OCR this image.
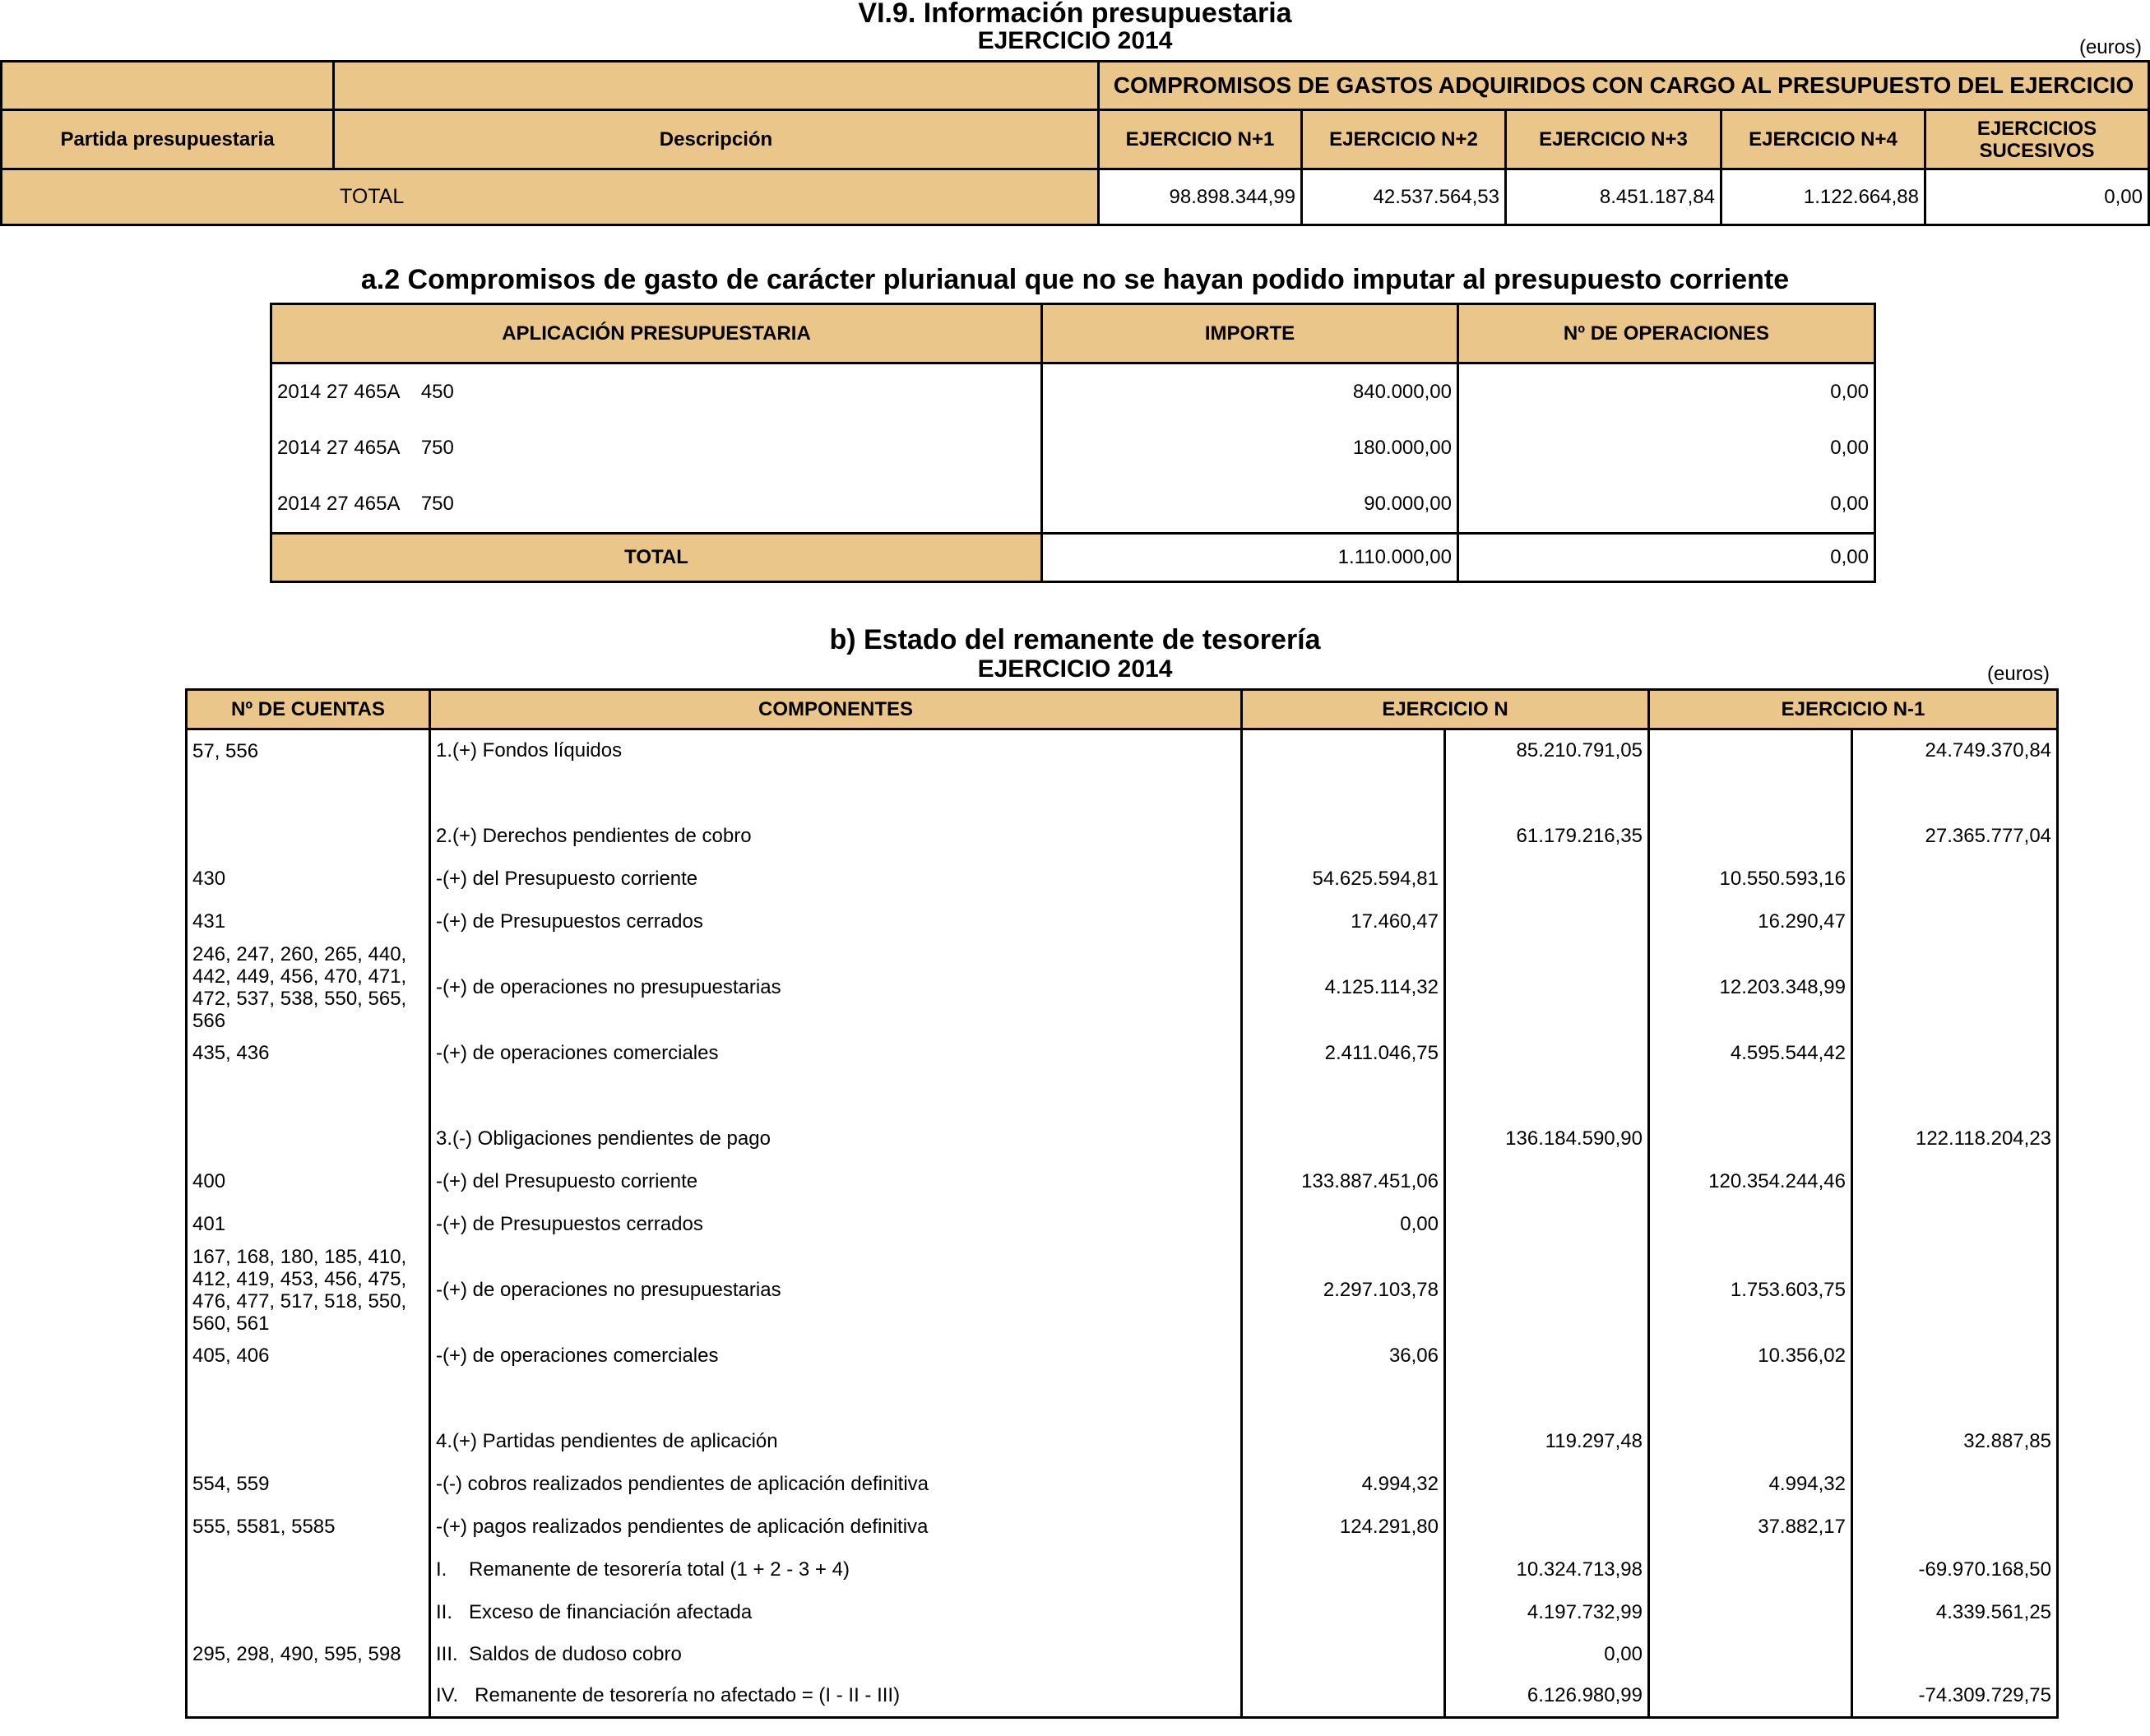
VI.9. Información presupuestaria
EJERCICIO 2014	(euros)
		COMPROMISOS DE GASTOS ADQUIRIDOS CON CARGO AL PRESUPUESTO DEL EJERCICIO				
Partida presupuestaria	Descripción	EJERCICIO N+1	EJERCICIO N+2	EJERCICIO N+3	EJERCICIO N+4	EJERCICIOS SUCESIVOS
TOTAL		98.898.344,99	42.537.564,53	8.451.187,84	1.122.664,88	0,00
a.2 Compromisos de gasto de carácter plurianual que no se hayan podido imputar al presupuesto corriente
APLICACIÓN PRESUPUESTARIA	IMPORTE	Nº DE OPERACIONES
2014 27 465A    450	840.000,00	0,00
2014 27 465A    750	180.000,00	0,00
2014 27 465A    750	90.000,00	0,00
TOTAL	1.110.000,00	0,00
b) Estado del remanente de tesorería
EJERCICIO 2014	(euros)
Nº DE CUENTAS	COMPONENTES	EJERCICIO N		EJERCICIO N-1	
57, 556	1.(+) Fondos líquidos		85.210.791,05		24.749.370,84

	2.(+) Derechos pendientes de cobro		61.179.216,35		27.365.777,04
430	-(+) del Presupuesto corriente	54.625.594,81		10.550.593,16	
431	-(+) de Presupuestos cerrados	17.460,47		16.290,47	
246, 247, 260, 265, 440, 442, 449, 456, 470, 471, 472, 537, 538, 550, 565, 566	-(+) de operaciones no presupuestarias	4.125.114,32		12.203.348,99	
435, 436	-(+) de operaciones comerciales	2.411.046,75		4.595.544,42	

	3.(-) Obligaciones pendientes de pago		136.184.590,90		122.118.204,23
400	-(+) del Presupuesto corriente	133.887.451,06		120.354.244,46	
401	-(+) de Presupuestos cerrados	0,00			
167, 168, 180, 185, 410, 412, 419, 453, 456, 475, 476, 477, 517, 518, 550, 560, 561	-(+) de operaciones no presupuestarias	2.297.103,78		1.753.603,75	
405, 406	-(+) de operaciones comerciales	36,06		10.356,02	

	4.(+) Partidas pendientes de aplicación		119.297,48		32.887,85
554, 559	-(-) cobros realizados pendientes de aplicación definitiva	4.994,32		4.994,32	
555, 5581, 5585	-(+) pagos realizados pendientes de aplicación definitiva	124.291,80		37.882,17	
	I.    Remanente de tesorería total (1 + 2 - 3 + 4)		10.324.713,98		-69.970.168,50
	II.   Exceso de financiación afectada		4.197.732,99		4.339.561,25
295, 298, 490, 595, 598	III.  Saldos de dudoso cobro		0,00		
	IV.   Remanente de tesorería no afectado = (I - II - III)		6.126.980,99		-74.309.729,75
